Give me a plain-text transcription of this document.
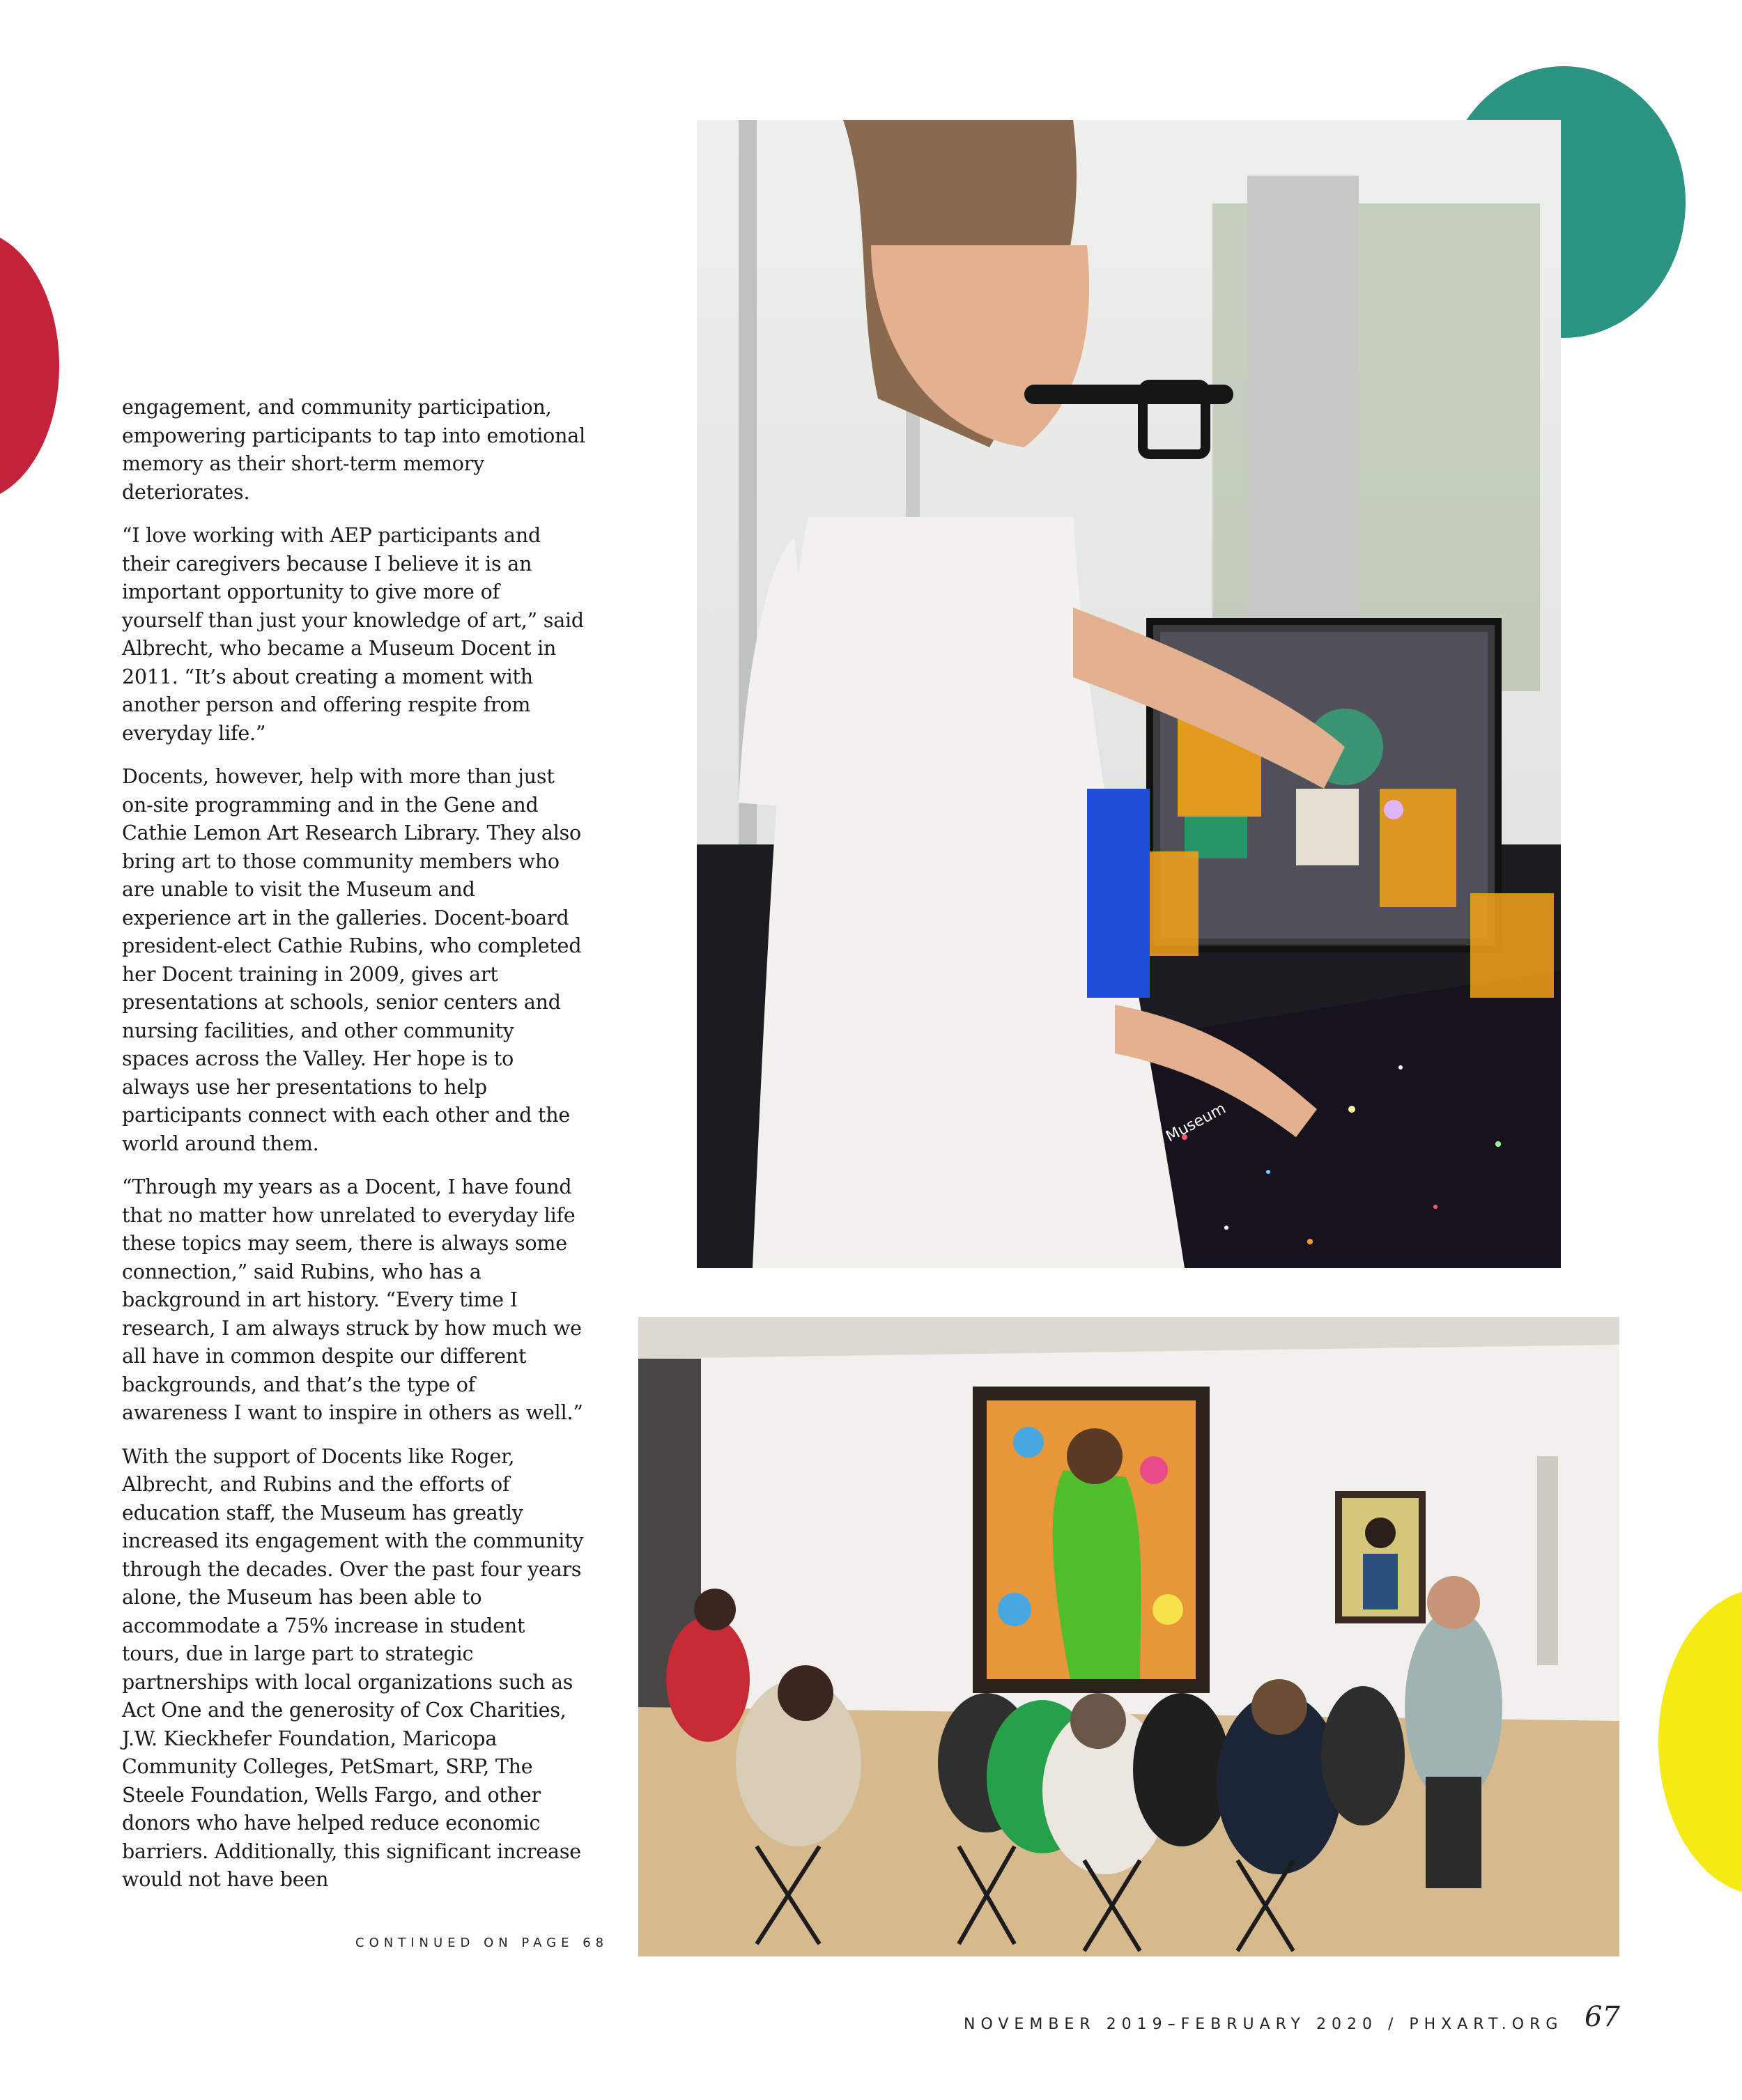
engagement, and community participation, empowering participants to tap into emotional memory as their short-term memory deteriorates.

“I love working with AEP participants and their caregivers because I believe it is an important opportunity to give more of yourself than just your knowledge of art,” said Albrecht, who became a Museum Docent in 2011. “It’s about creating a moment with another person and offering respite from everyday life.”

Docents, however, help with more than just on-site programming and in the Gene and Cathie Lemon Art Research Library. They also bring art to those community members who are unable to visit the Museum and experience art in the galleries. Docent-board president-elect Cathie Rubins, who completed her Docent training in 2009, gives art presentations at schools, senior centers and nursing facilities, and other community spaces across the Valley. Her hope is to always use her presentations to help participants connect with each other and the world around them.

“Through my years as a Docent, I have found that no matter how unrelated to everyday life these topics may seem, there is always some connection,” said Rubins, who has a background in art history. “Every time I research, I am always struck by how much we all have in common despite our different backgrounds, and that’s the type of awareness I want to inspire in others as well.”

With the support of Docents like Roger, Albrecht, and Rubins and the efforts of education staff, the Museum has greatly increased its engagement with the community through the decades. Over the past four years alone, the Museum has been able to accommodate a 75% increase in student tours, due in large part to strategic partnerships with local organizations such as Act One and the generosity of Cox Charities, J.W. Kieckhefer Foundation, Maricopa Community Colleges, PetSmart, SRP, The Steele Foundation, Wells Fargo, and other donors who have helped reduce economic barriers. Additionally, this significant increase would not have been

CONTINUED ON PAGE 68
Museum
NOVEMBER 2019–FEBRUARY 2020 / PHXART.ORG 67
